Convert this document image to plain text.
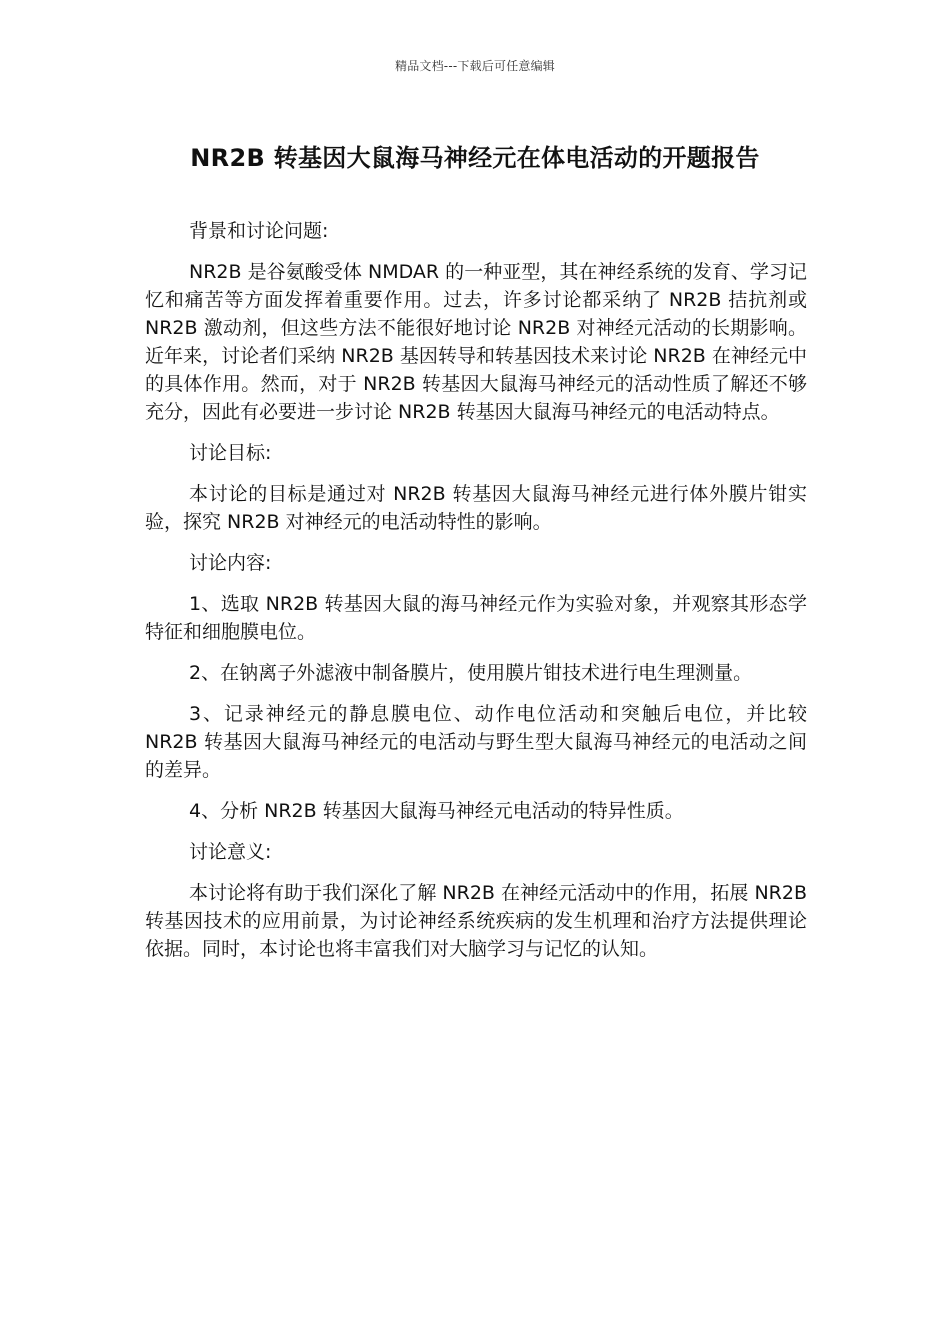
精品文档---下载后可任意编辑
NR2B 转基因大鼠海马神经元在体电活动的开题报告

背景和讨论问题:

NR2B 是谷氨酸受体 NMDAR 的一种亚型，其在神经系统的发育、学习记忆和痛苦等方面发挥着重要作用。过去，许多讨论都采纳了 NR2B 拮抗剂或 NR2B 激动剂，但这些方法不能很好地讨论 NR2B 对神经元活动的长期影响。近年来，讨论者们采纳 NR2B 基因转导和转基因技术来讨论 NR2B 在神经元中的具体作用。然而，对于 NR2B 转基因大鼠海马神经元的活动性质了解还不够充分，因此有必要进一步讨论 NR2B 转基因大鼠海马神经元的电活动特点。

讨论目标:

本讨论的目标是通过对 NR2B 转基因大鼠海马神经元进行体外膜片钳实验，探究 NR2B 对神经元的电活动特性的影响。

讨论内容:

1、选取 NR2B 转基因大鼠的海马神经元作为实验对象，并观察其形态学特征和细胞膜电位。

2、在钠离子外滤液中制备膜片，使用膜片钳技术进行电生理测量。

3、记录神经元的静息膜电位、动作电位活动和突触后电位，并比较 NR2B 转基因大鼠海马神经元的电活动与野生型大鼠海马神经元的电活动之间的差异。

4、分析 NR2B 转基因大鼠海马神经元电活动的特异性质。

讨论意义:

本讨论将有助于我们深化了解 NR2B 在神经元活动中的作用，拓展 NR2B 转基因技术的应用前景，为讨论神经系统疾病的发生机理和治疗方法提供理论依据。同时，本讨论也将丰富我们对大脑学习与记忆的认知。
